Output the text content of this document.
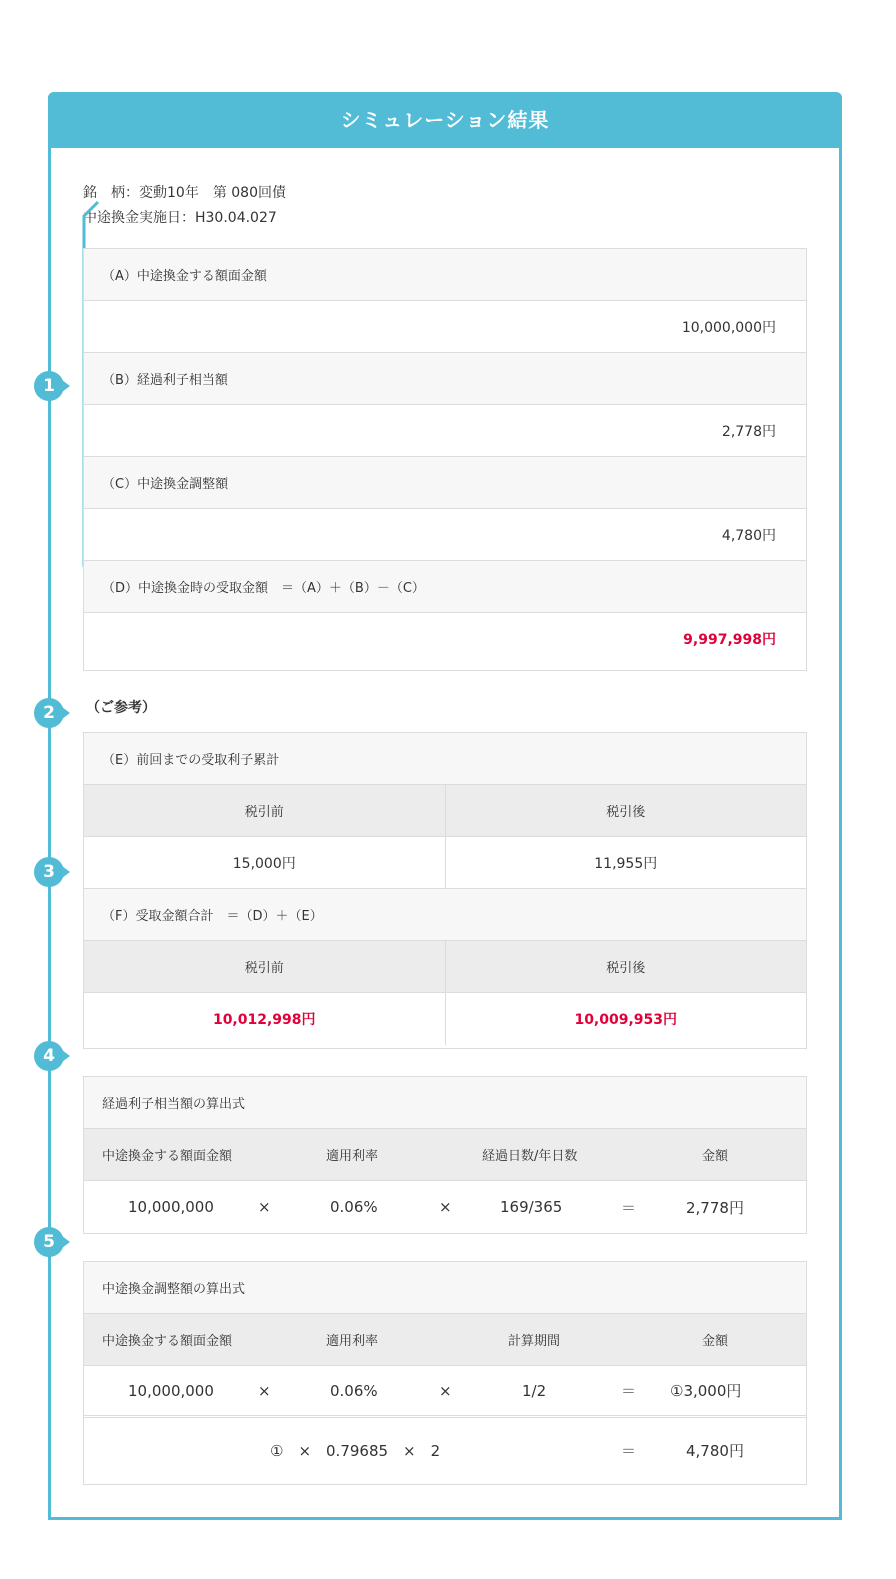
シミュレーション結果
銘　柄：変動10年　第 080回債
中途換金実施日：H30.04.027
（A）中途換金する額面金額
10,000,000円
（B）経過利子相当額
2,778円
（C）中途換金調整額
4,780円
（D）中途換金時の受取金額　＝（A）＋（B）－（C）
9,997,998円
（ご参考）
（E）前回までの受取利子累計
税引前	税引後
15,000円	11,955円
（F）受取金額合計　＝（D）＋（E）
税引前	税引後
10,012,998円	10,009,953円
経過利子相当額の算出式
中途換金する額面金額	適用利率	経過日数/年日数	金額
10,000,000	×	0.06%	×	169/365	＝	2,778円
中途換金調整額の算出式
中途換金する額面金額	適用利率	計算期間	金額
10,000,000	×	0.06%	×	1/2	＝ ①3,000円
①　×　0.79685　×　2	＝	4,780円
1
2
3
4
5
